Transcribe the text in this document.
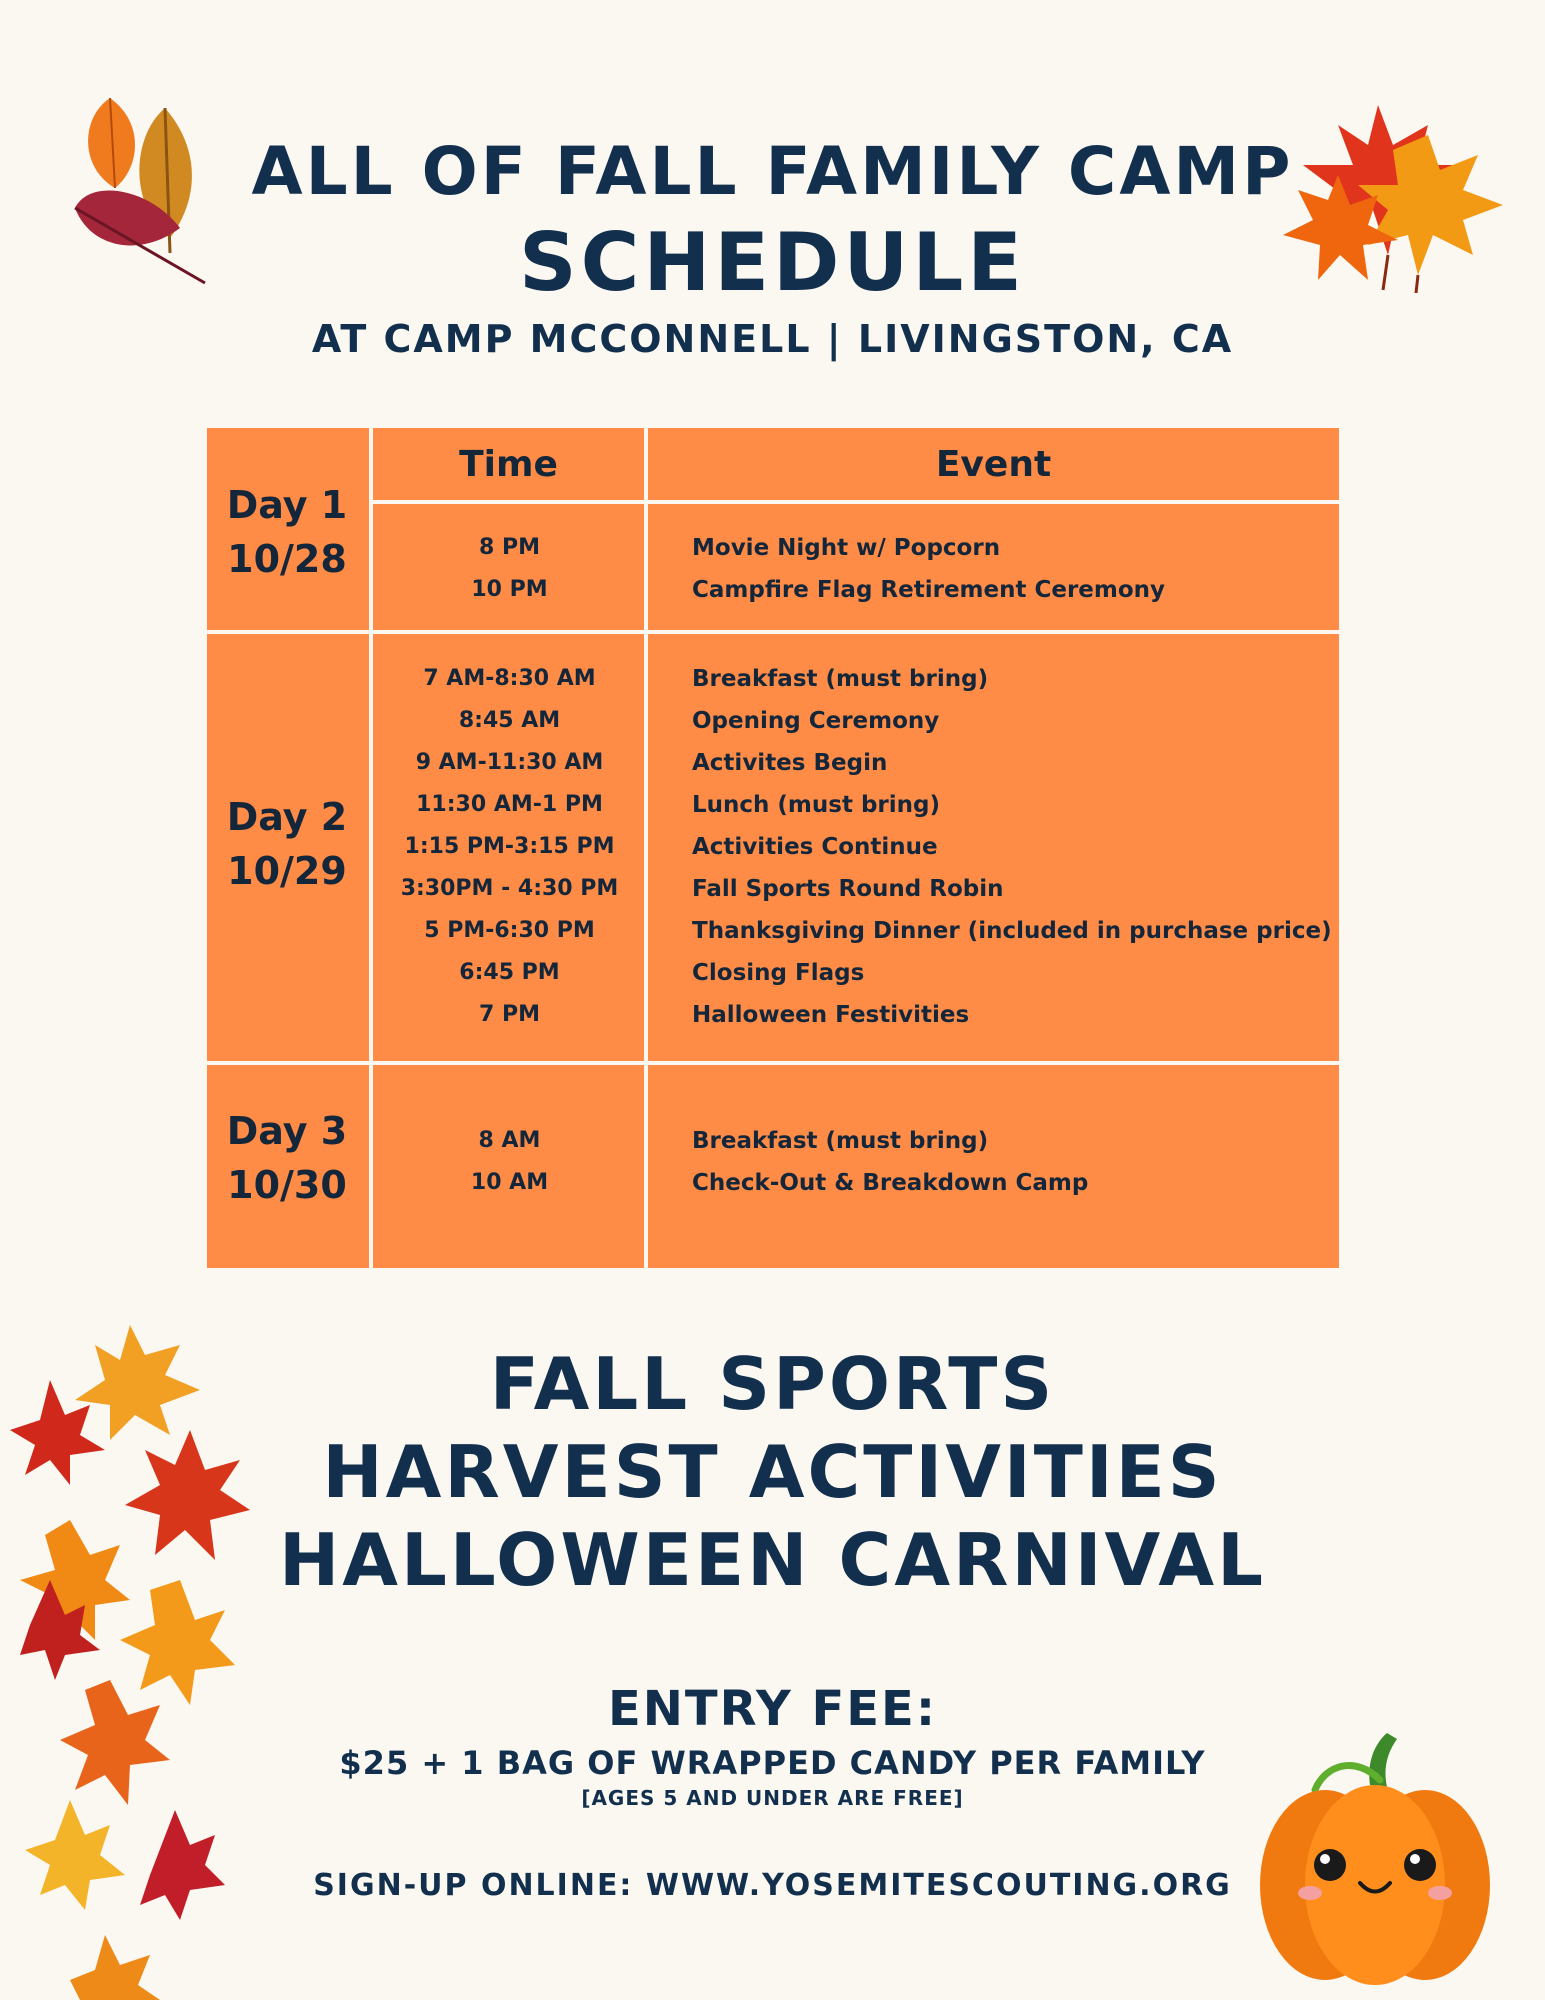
ALL OF FALL FAMILY CAMP
SCHEDULE
AT CAMP MCCONNELL | LIVINGSTON, CA
Time	Event
Day 1
10/28	8 PM
10 PM
Movie Night w/ Popcorn
Campfire Flag Retirement Ceremony
Day 2
10/29
7 AM-8:30 AM
8:45 AM
9 AM-11:30 AM
11:30 AM-1 PM
1:15 PM-3:15 PM
3:30PM - 4:30 PM
5 PM-6:30 PM
6:45 PM
7 PM
Breakfast (must bring)
Opening Ceremony
Activites Begin
Lunch (must bring)
Activities Continue
Fall Sports Round Robin
Thanksgiving Dinner (included in purchase price)
Closing Flags
Halloween Festivities
Day 3
10/30
8 AM
10 AM
Breakfast (must bring)
Check-Out & Breakdown Camp
FALL SPORTS
HARVEST ACTIVITIES
HALLOWEEN CARNIVAL
ENTRY FEE:
$25 + 1 BAG OF WRAPPED CANDY PER FAMILY
[AGES 5 AND UNDER ARE FREE]
SIGN-UP ONLINE: WWW.YOSEMITESCOUTING.ORG
